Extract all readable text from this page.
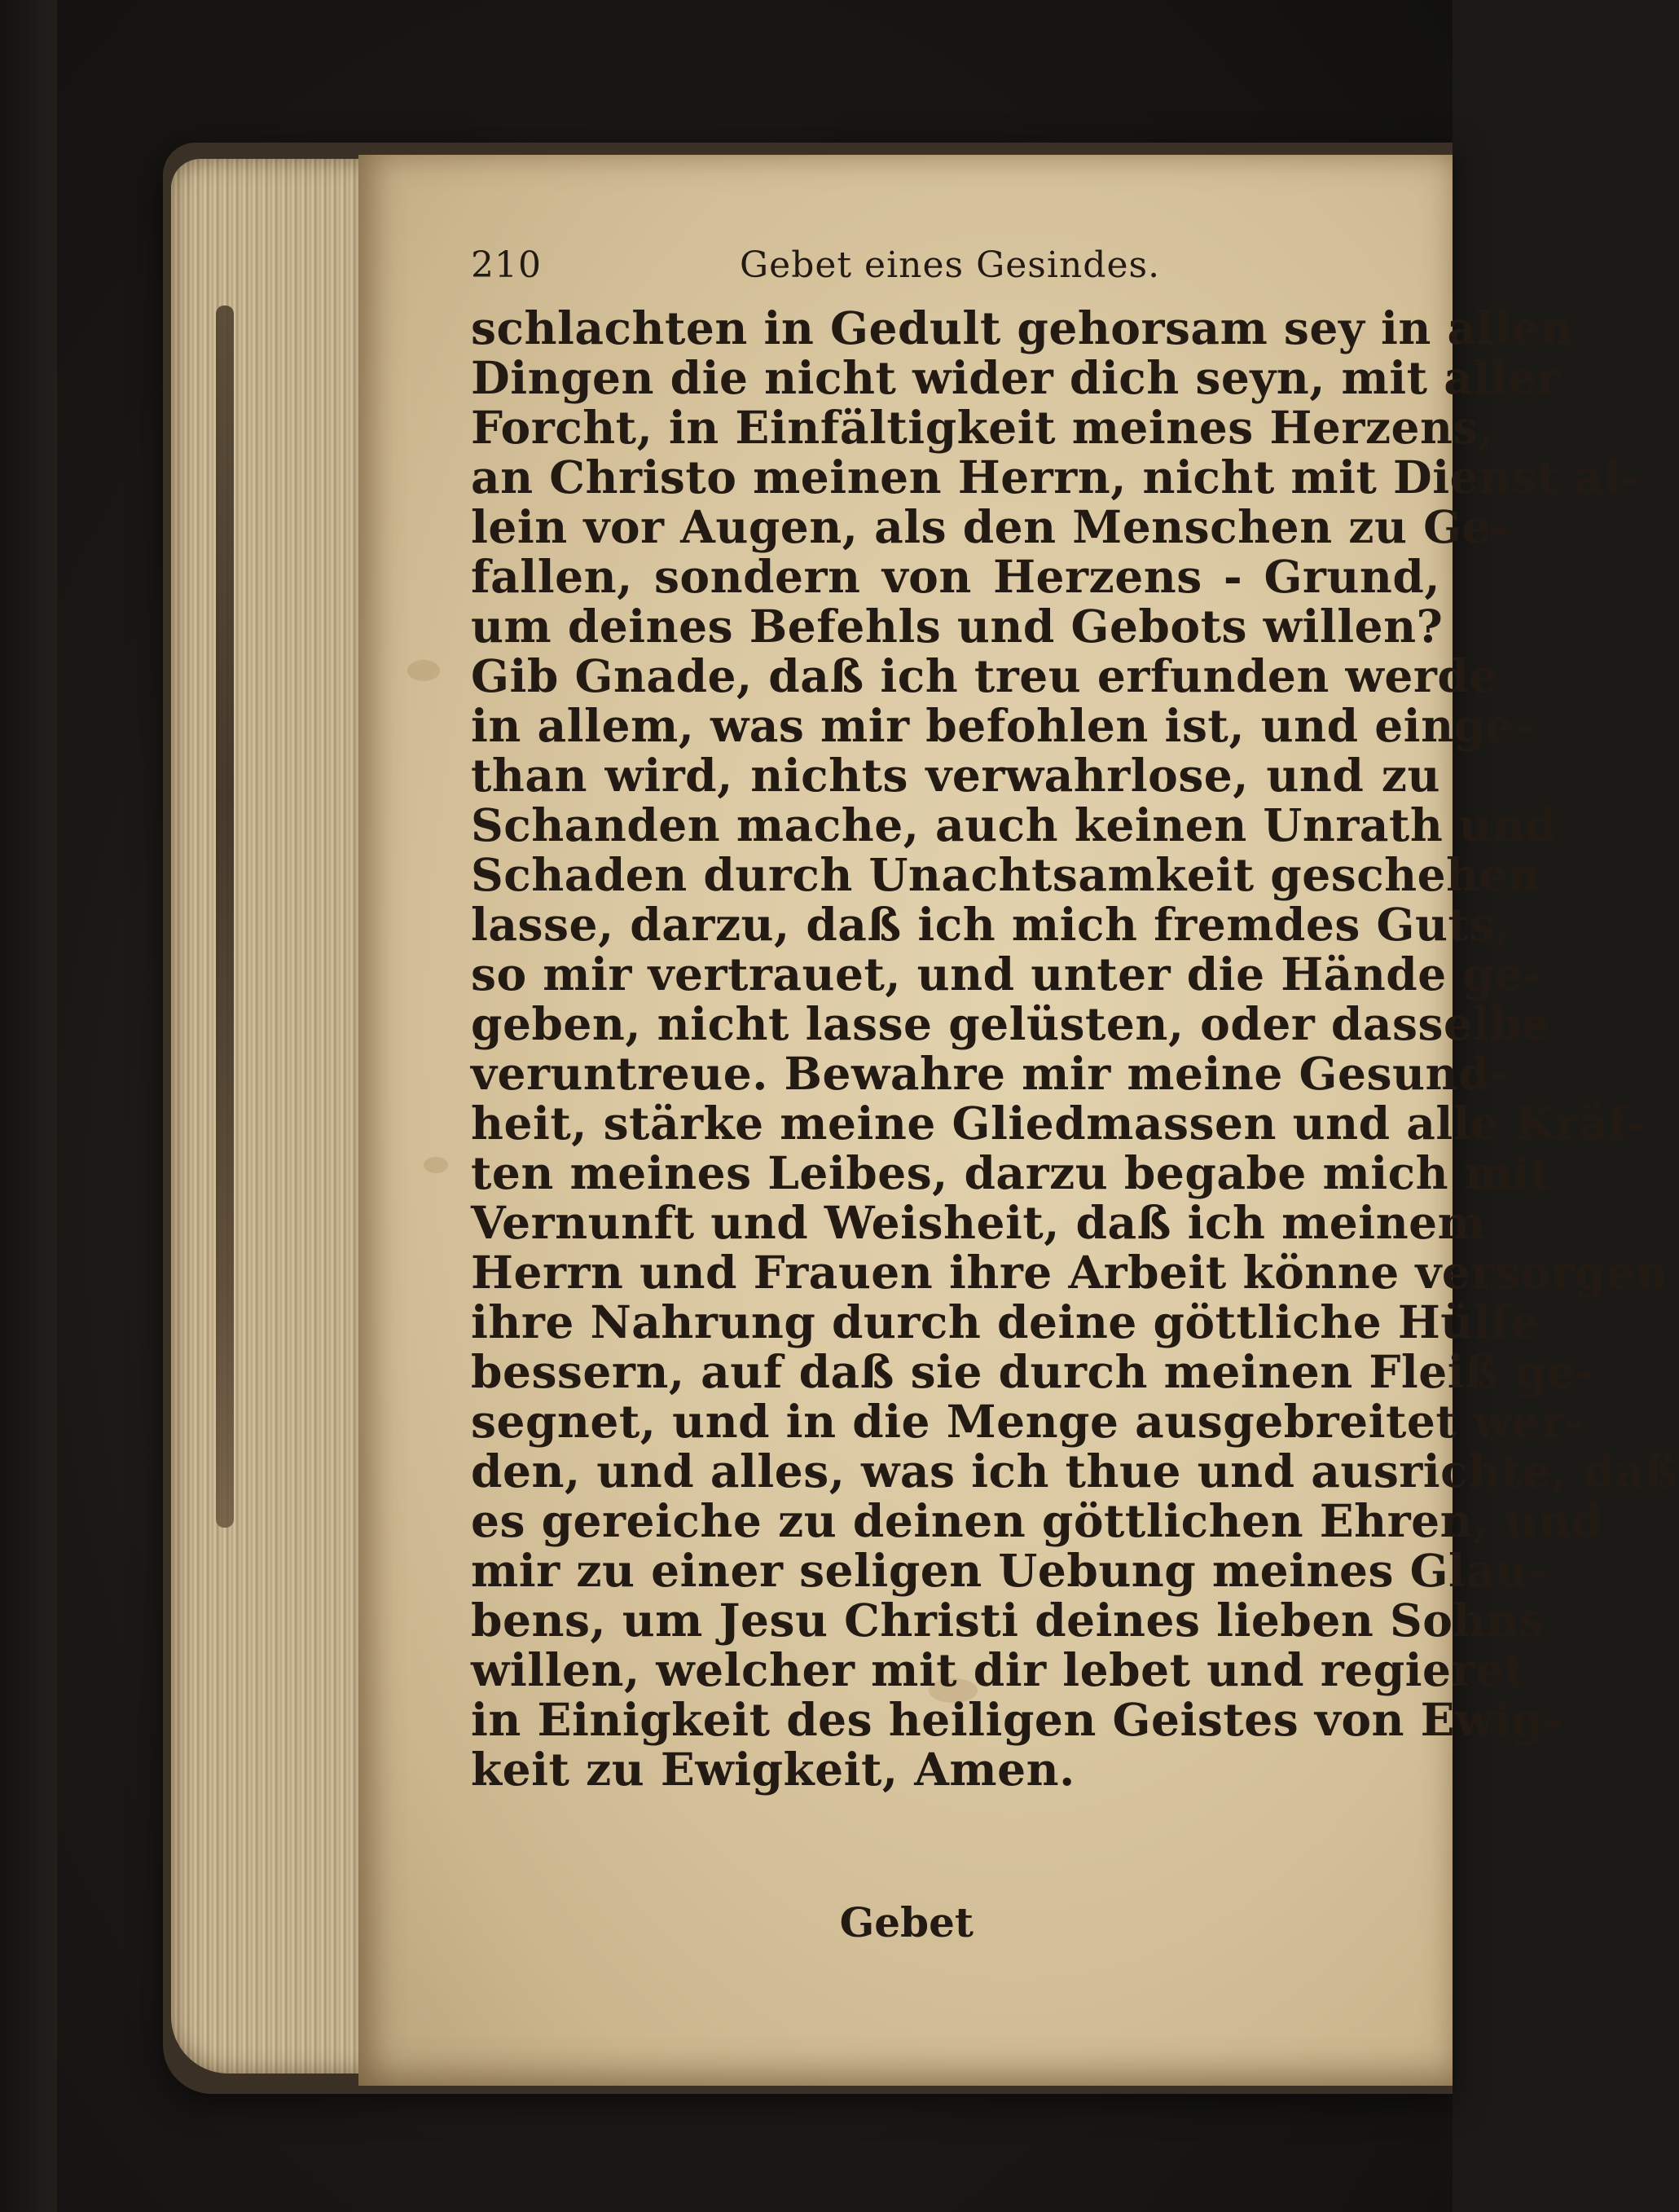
210	Gebet eines Gesindes.
schlachten in Gedult gehorsam sey in allen
Dingen die nicht wider dich seyn, mit aller
Forcht, in Einfältigkeit meines Herzens,
an Christo meinen Herrn, nicht mit Dienst al-
lein vor Augen, als den Menschen zu Ge-
fallen, sondern von Herzens - Grund,
um deines Befehls und Gebots willen?
Gib Gnade, daß ich treu erfunden werde
in allem, was mir befohlen ist, und einge-
than wird, nichts verwahrlose, und zu
Schanden mache, auch keinen Unrath und
Schaden durch Unachtsamkeit geschehen
lasse, darzu, daß ich mich fremdes Guts,
so mir vertrauet, und unter die Hände ge-
geben, nicht lasse gelüsten, oder dasselbe
veruntreue. Bewahre mir meine Gesund-
heit, stärke meine Gliedmassen und alle Kräf-
ten meines Leibes, darzu begabe mich mit
Vernunft und Weisheit, daß ich meinem
Herrn und Frauen ihre Arbeit könne versorgen
ihre Nahrung durch deine göttliche Hülfe
bessern, auf daß sie durch meinen Fleiß ge-
segnet, und in die Menge ausgebreitet wer-
den, und alles, was ich thue und ausrichte, daß
es gereiche zu deinen göttlichen Ehren, und
mir zu einer seligen Uebung meines Glau-
bens, um Jesu Christi deines lieben Sohns
willen, welcher mit dir lebet und regieret
in Einigkeit des heiligen Geistes von Ewig-
keit zu Ewigkeit, Amen.
Gebet
